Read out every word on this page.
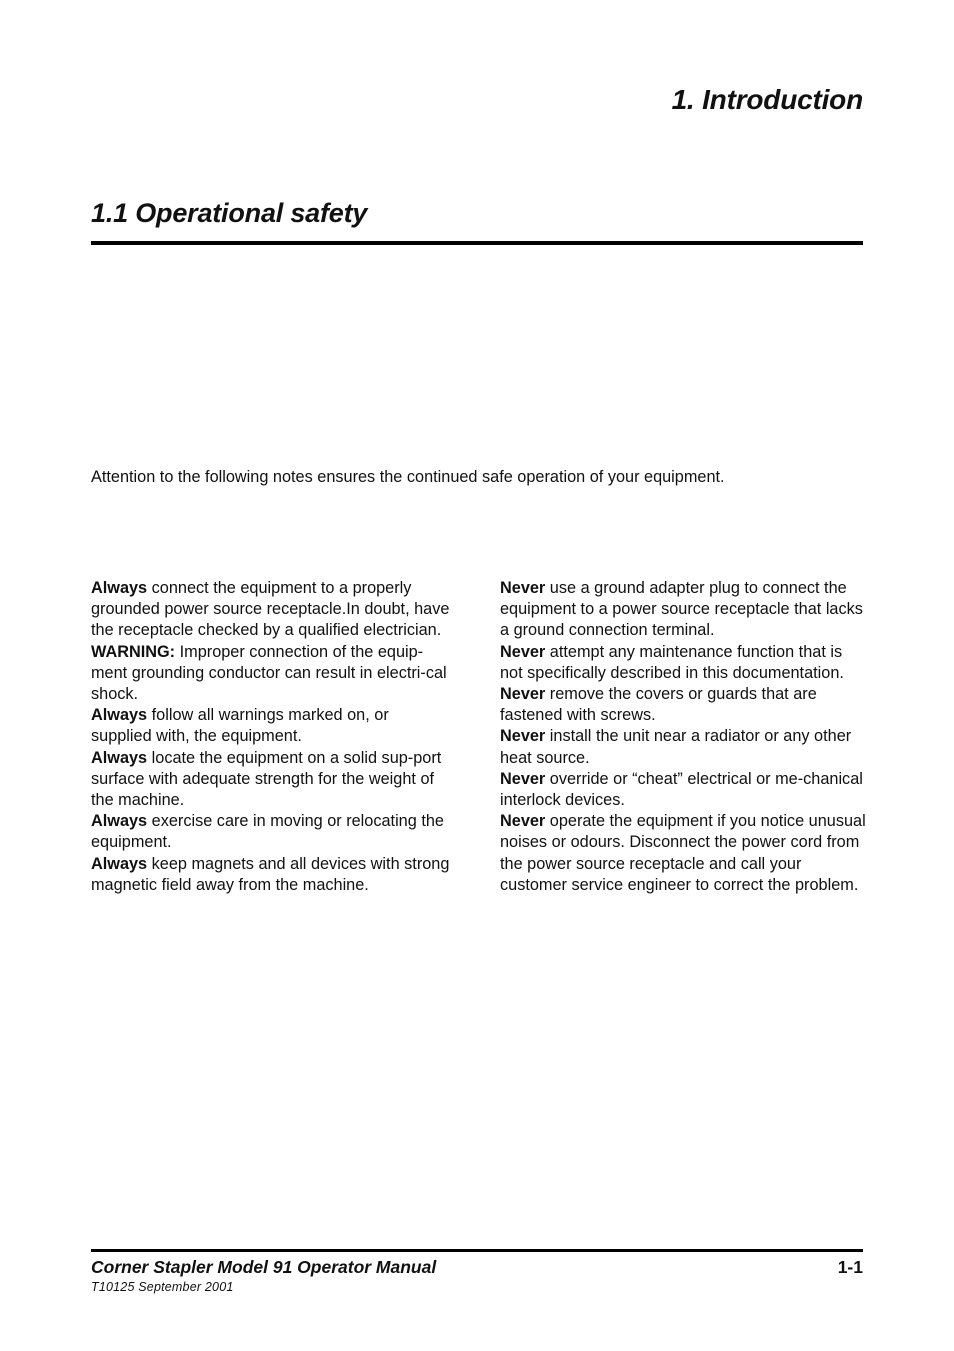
1. Introduction
1.1 Operational safety

Attention to the following notes ensures the continued safe operation of your equipment.

Always connect the equipment to a properly grounded power source receptacle.In doubt, have the receptacle checked by a qualified electrician.

WARNING: Improper connection of the equip-ment grounding conductor can result in electri-cal shock.

Always follow all warnings marked on, or supplied with, the equipment.

Always locate the equipment on a solid sup-port surface with adequate strength for the weight of the machine.

Always exercise care in moving or relocating the equipment.

Always keep magnets and all devices with strong magnetic field away from the machine.

Never use a ground adapter plug to connect the equipment to a power source receptacle that lacks a ground connection terminal.

Never attempt any maintenance function that is not specifically described in this documentation.

Never remove the covers or guards that are fastened with screws.

Never install the unit near a radiator or any other heat source.

Never override or “cheat” electrical or me-chanical interlock devices.

Never operate the equipment if you notice unusual noises or odours. Disconnect the power cord from the power source receptacle and call your customer service engineer to correct the problem.

Corner Stapler Model 91 Operator Manual	1-1
T10125 September 2001
